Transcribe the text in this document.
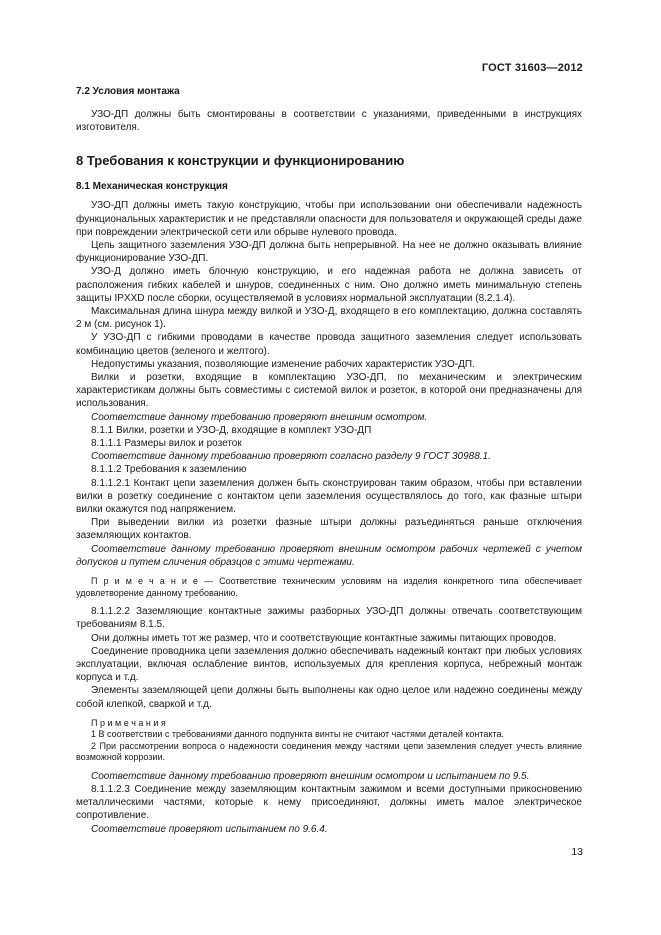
ГОСТ 31603—2012

7.2 Условия монтажа

УЗО-ДП должны быть смонтированы в соответствии с указаниями, приведенными в инструкциях изготовителя.

8 Требования к конструкции и функционированию

8.1 Механическая конструкция

УЗО-ДП должны иметь такую конструкцию, чтобы при использовании они обеспечивали надежность функциональных характеристик и не представляли опасности для пользователя и окружающей среды даже при повреждении электрической сети или обрыве нулевого провода.

Цепь защитного заземления УЗО-ДП должна быть непрерывной. На нее не должно оказывать влияние функционирование УЗО-ДП.

УЗО-Д должно иметь блочную конструкцию, и его надежная работа не должна зависеть от расположения гибких кабелей и шнуров, соединенных с ним. Оно должно иметь минимальную степень защиты IPXXD после сборки, осуществляемой в условиях нормальной эксплуатации (8.2.1.4).

Максимальная длина шнура между вилкой и УЗО-Д, входящего в его комплектацию, должна составлять 2 м (см. рисунок 1).

У УЗО-ДП с гибкими проводами в качестве провода защитного заземления следует использовать комбинацию цветов (зеленого и желтого).

Недопустимы указания, позволяющие изменение рабочих характеристик УЗО-ДП.

Вилки и розетки, входящие в комплектацию УЗО-ДП, по механическим и электрическим характеристикам должны быть совместимы с системой вилок и розеток, в которой они предназначены для использования.

Соответствие данному требованию проверяют внешним осмотром.

8.1.1 Вилки, розетки и УЗО-Д, входящие в комплект УЗО-ДП

8.1.1.1 Размеры вилок и розеток

Соответствие данному требованию проверяют согласно разделу 9 ГОСТ 30988.1.

8.1.1.2 Требования к заземлению

8.1.1.2.1 Контакт цепи заземления должен быть сконструирован таким образом, чтобы при вставлении вилки в розетку соединение с контактом цепи заземления осуществлялось до того, как фазные штыри вилки окажутся под напряжением.

При выведении вилки из розетки фазные штыри должны разъединяться раньше отключения заземляющих контактов.

Соответствие данному требованию проверяют внешним осмотром рабочих чертежей с учетом допусков и путем сличения образцов с этими чертежами.

П р и м е ч а н и е — Соответствие техническим условиям на изделия конкретного типа обеспечивает удовлетворение данному требованию.

8.1.1.2.2 Заземляющие контактные зажимы разборных УЗО-ДП должны отвечать соответствующим требованиям 8.1.5.

Они должны иметь тот же размер, что и соответствующие контактные зажимы питающих проводов.

Соединение проводника цепи заземления должно обеспечивать надежный контакт при любых условиях эксплуатации, включая ослабление винтов, используемых для крепления корпуса, небрежный монтаж корпуса и т.д.

Элементы заземляющей цепи должны быть выполнены как одно целое или надежно соединены между собой клепкой, сваркой и т.д.

П р и м е ч а н и я

1 В соответствии с требованиями данного подпункта винты не считают частями деталей контакта.

2 При рассмотрении вопроса о надежности соединения между частями цепи заземления следует учесть влияние возможной коррозии.

Соответствие данному требованию проверяют внешним осмотром и испытанием по 9.5.

8.1.1.2.3 Соединение между заземляющим контактным зажимом и всеми доступными прикосновению металлическими частями, которые к нему присоединяют, должны иметь малое электрическое сопротивление.

Соответствие проверяют испытанием по 9.6.4.

13
